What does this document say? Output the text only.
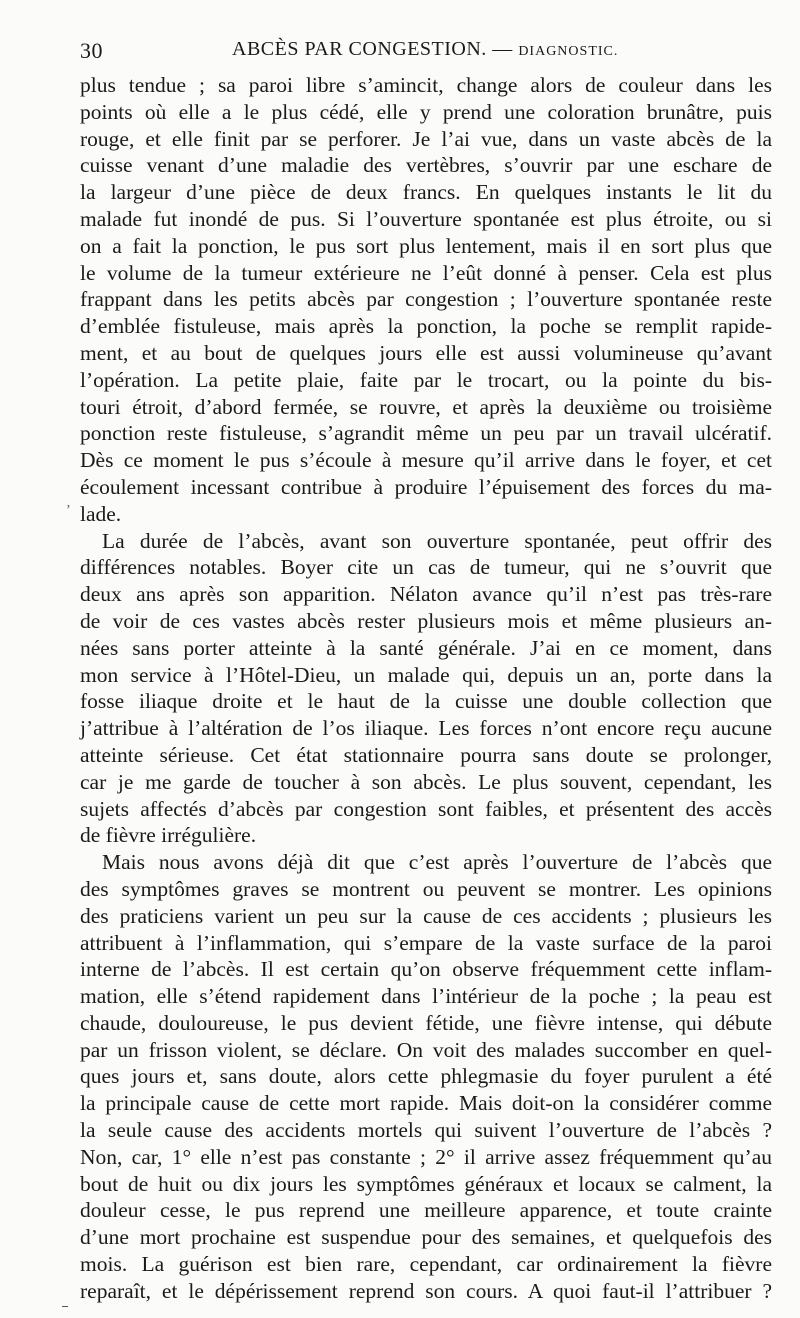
30	ABCÈS PAR CONGESTION. — DIAGNOSTIC.
plus tendue ; sa paroi libre s’amincit, change alors de couleur dans les
points où elle a le plus cédé, elle y prend une coloration brunâtre, puis
rouge, et elle finit par se perforer. Je l’ai vue, dans un vaste abcès de la
cuisse venant d’une maladie des vertèbres, s’ouvrir par une eschare de
la largeur d’une pièce de deux francs. En quelques instants le lit du
malade fut inondé de pus. Si l’ouverture spontanée est plus étroite, ou si
on a fait la ponction, le pus sort plus lentement, mais il en sort plus que
le volume de la tumeur extérieure ne l’eût donné à penser. Cela est plus
frappant dans les petits abcès par congestion ; l’ouverture spontanée reste
d’emblée fistuleuse, mais après la ponction, la poche se remplit rapide-
ment, et au bout de quelques jours elle est aussi volumineuse qu’avant
l’opération. La petite plaie, faite par le trocart, ou la pointe du bis-
touri étroit, d’abord fermée, se rouvre, et après la deuxième ou troisième
ponction reste fistuleuse, s’agrandit même un peu par un travail ulcératif.
Dès ce moment le pus s’écoule à mesure qu’il arrive dans le foyer, et cet
écoulement incessant contribue à produire l’épuisement des forces du ma-
lade.
La durée de l’abcès, avant son ouverture spontanée, peut offrir des
différences notables. Boyer cite un cas de tumeur, qui ne s’ouvrit que
deux ans après son apparition. Nélaton avance qu’il n’est pas très-rare
de voir de ces vastes abcès rester plusieurs mois et même plusieurs an-
nées sans porter atteinte à la santé générale. J’ai en ce moment, dans
mon service à l’Hôtel-Dieu, un malade qui, depuis un an, porte dans la
fosse iliaque droite et le haut de la cuisse une double collection que
j’attribue à l’altération de l’os iliaque. Les forces n’ont encore reçu aucune
atteinte sérieuse. Cet état stationnaire pourra sans doute se prolonger,
car je me garde de toucher à son abcès. Le plus souvent, cependant, les
sujets affectés d’abcès par congestion sont faibles, et présentent des accès
de fièvre irrégulière.
Mais nous avons déjà dit que c’est après l’ouverture de l’abcès que
des symptômes graves se montrent ou peuvent se montrer. Les opinions
des praticiens varient un peu sur la cause de ces accidents ; plusieurs les
attribuent à l’inflammation, qui s’empare de la vaste surface de la paroi
interne de l’abcès. Il est certain qu’on observe fréquemment cette inflam-
mation, elle s’étend rapidement dans l’intérieur de la poche ; la peau est
chaude, douloureuse, le pus devient fétide, une fièvre intense, qui débute
par un frisson violent, se déclare. On voit des malades succomber en quel-
ques jours et, sans doute, alors cette phlegmasie du foyer purulent a été
la principale cause de cette mort rapide. Mais doit-on la considérer comme
la seule cause des accidents mortels qui suivent l’ouverture de l’abcès ?
Non, car, 1° elle n’est pas constante ; 2° il arrive assez fréquemment qu’au
bout de huit ou dix jours les symptômes généraux et locaux se calment, la
douleur cesse, le pus reprend une meilleure apparence, et toute crainte
d’une mort prochaine est suspendue pour des semaines, et quelquefois des
mois. La guérison est bien rare, cependant, car ordinairement la fièvre
reparaît, et le dépérissement reprend son cours. A quoi faut-il l’attribuer ?
ʼ
